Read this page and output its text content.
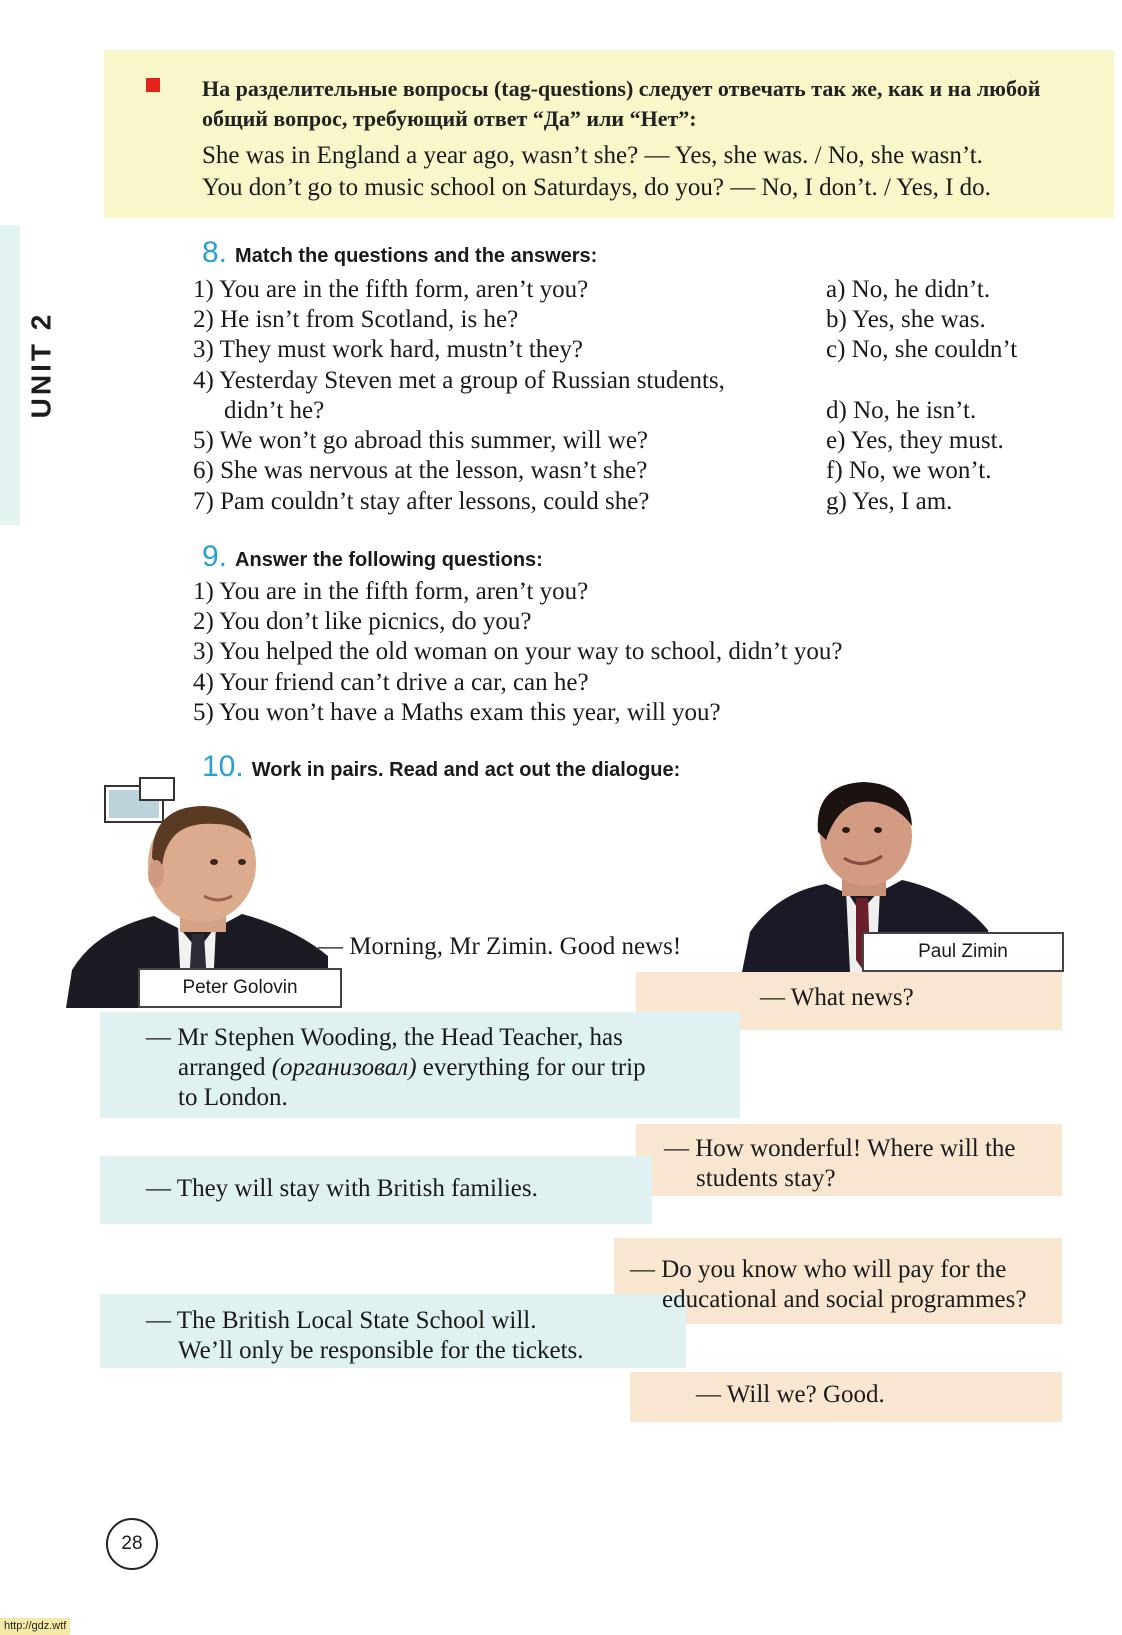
На разделительные вопросы (tag-questions) следует отвечать так же, как и на любой общий вопрос, требующий ответ “Да” или “Нет”:
She was in England a year ago, wasn’t she? — Yes, she was. / No, she wasn’t.
You don’t go to music school on Saturdays, do you? — No, I don’t. / Yes, I do.
UNIT 2
8. Match the questions and the answers:
1) You are in the fifth form, aren’t you?
2) He isn’t from Scotland, is he?
3) They must work hard, mustn’t they?
4) Yesterday Steven met a group of Russian students,
didn’t he?
5) We won’t go abroad this summer, will we?
6) She was nervous at the lesson, wasn’t she?
7) Pam couldn’t stay after lessons, could she?
a) No, he didn’t.
b) Yes, she was.
c) No, she couldn’t
d) No, he isn’t.
e) Yes, they must.
f) No, we won’t.
g) Yes, I am.
9. Answer the following questions:
1) You are in the fifth form, aren’t you?
2) You don’t like picnics, do you?
3) You helped the old woman on your way to school, didn’t you?
4) Your friend can’t drive a car, can he?
5) You won’t have a Maths exam this year, will you?
10. Work in pairs. Read and act out the dialogue:
Peter Golovin
Paul Zimin
— Morning, Mr Zimin. Good news!
— What news?
— Mr Stephen Wooding, the Head Teacher, has
arranged (организовал) everything for our trip
to London.
— How wonderful! Where will the
students stay?
— They will stay with British families.
— Do you know who will pay for the
educational and social programmes?
— The British Local State School will.
We’ll only be responsible for the tickets.
— Will we? Good.
28
http://gdz.wtf
